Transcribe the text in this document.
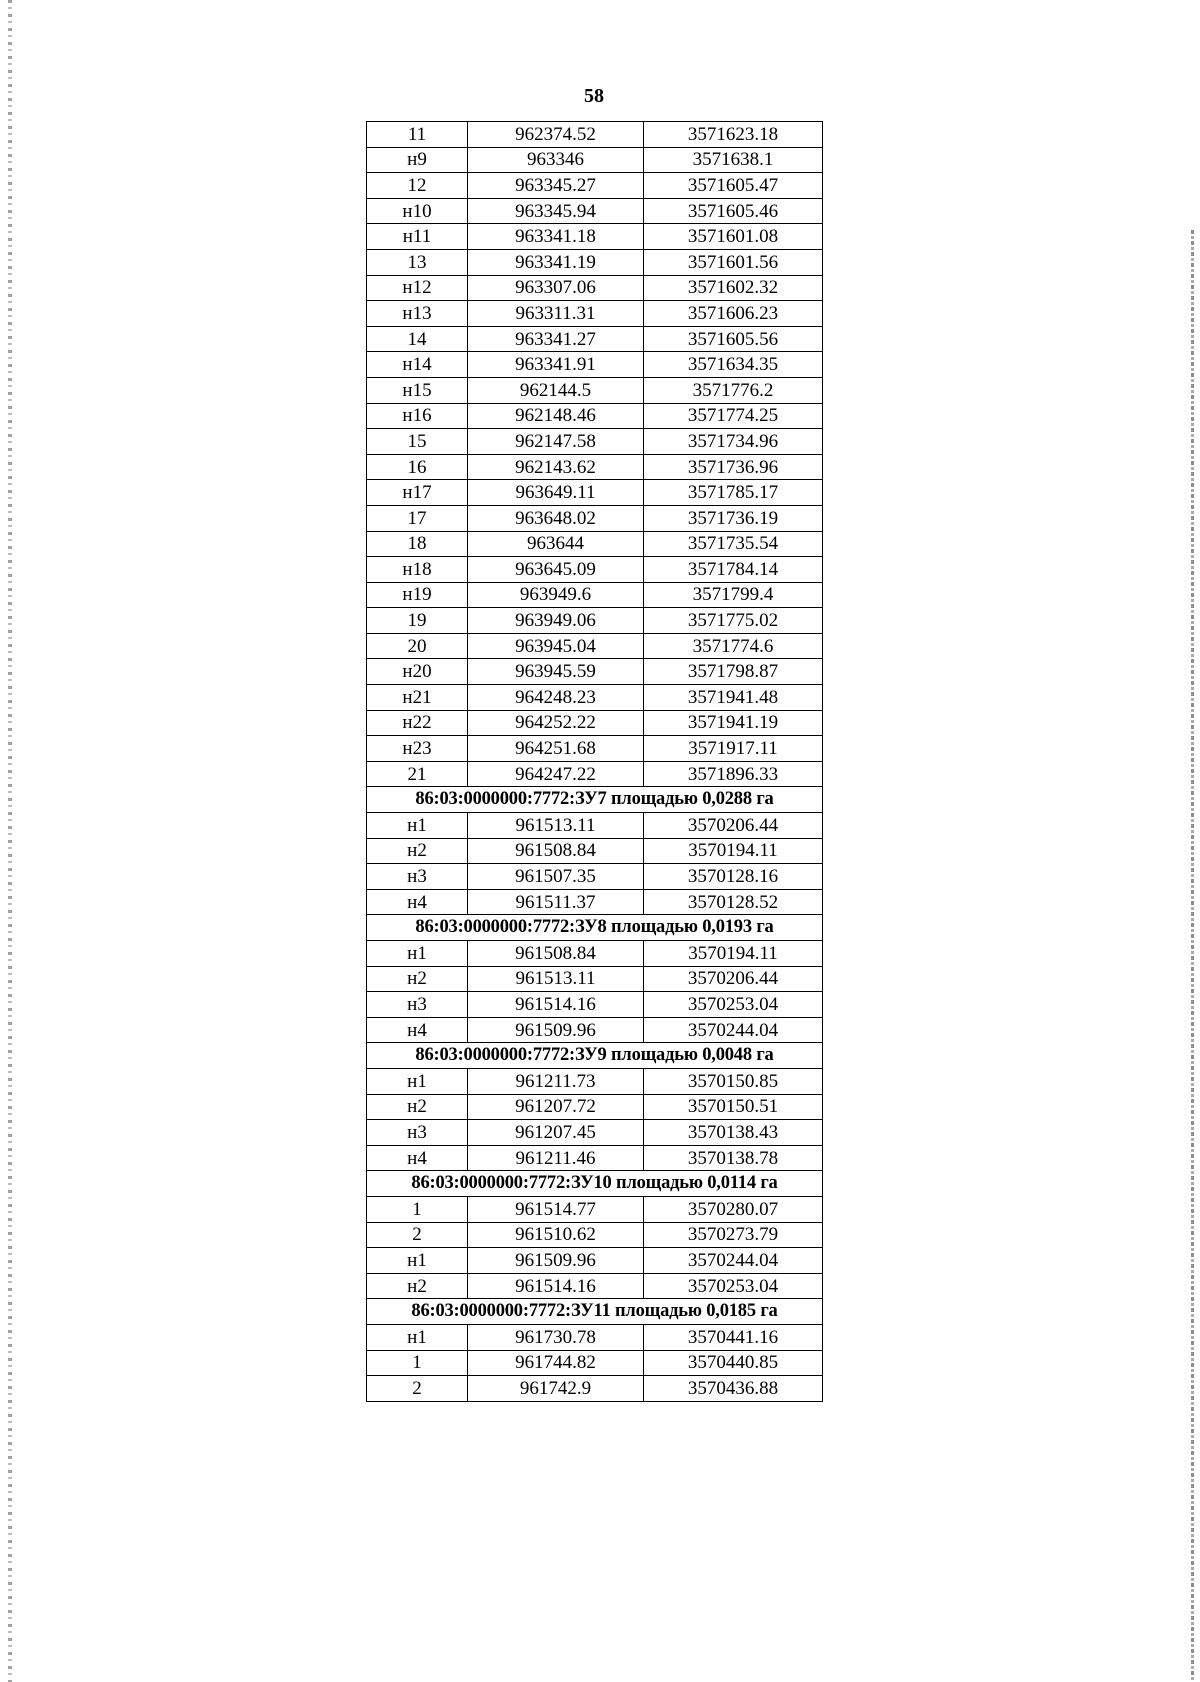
58
11	962374.52	3571623.18
н9	963346	3571638.1
12	963345.27	3571605.47
н10	963345.94	3571605.46
н11	963341.18	3571601.08
13	963341.19	3571601.56
н12	963307.06	3571602.32
н13	963311.31	3571606.23
14	963341.27	3571605.56
н14	963341.91	3571634.35
н15	962144.5	3571776.2
н16	962148.46	3571774.25
15	962147.58	3571734.96
16	962143.62	3571736.96
н17	963649.11	3571785.17
17	963648.02	3571736.19
18	963644	3571735.54
н18	963645.09	3571784.14
н19	963949.6	3571799.4
19	963949.06	3571775.02
20	963945.04	3571774.6
н20	963945.59	3571798.87
н21	964248.23	3571941.48
н22	964252.22	3571941.19
н23	964251.68	3571917.11
21	964247.22	3571896.33
86:03:0000000:7772:ЗУ7 площадью 0,0288 га		
н1	961513.11	3570206.44
н2	961508.84	3570194.11
н3	961507.35	3570128.16
н4	961511.37	3570128.52
86:03:0000000:7772:ЗУ8 площадью 0,0193 га		
н1	961508.84	3570194.11
н2	961513.11	3570206.44
н3	961514.16	3570253.04
н4	961509.96	3570244.04
86:03:0000000:7772:ЗУ9 площадью 0,0048 га		
н1	961211.73	3570150.85
н2	961207.72	3570150.51
н3	961207.45	3570138.43
н4	961211.46	3570138.78
86:03:0000000:7772:ЗУ10 площадью 0,0114 га		
1	961514.77	3570280.07
2	961510.62	3570273.79
н1	961509.96	3570244.04
н2	961514.16	3570253.04
86:03:0000000:7772:ЗУ11 площадью 0,0185 га		
н1	961730.78	3570441.16
1	961744.82	3570440.85
2	961742.9	3570436.88
